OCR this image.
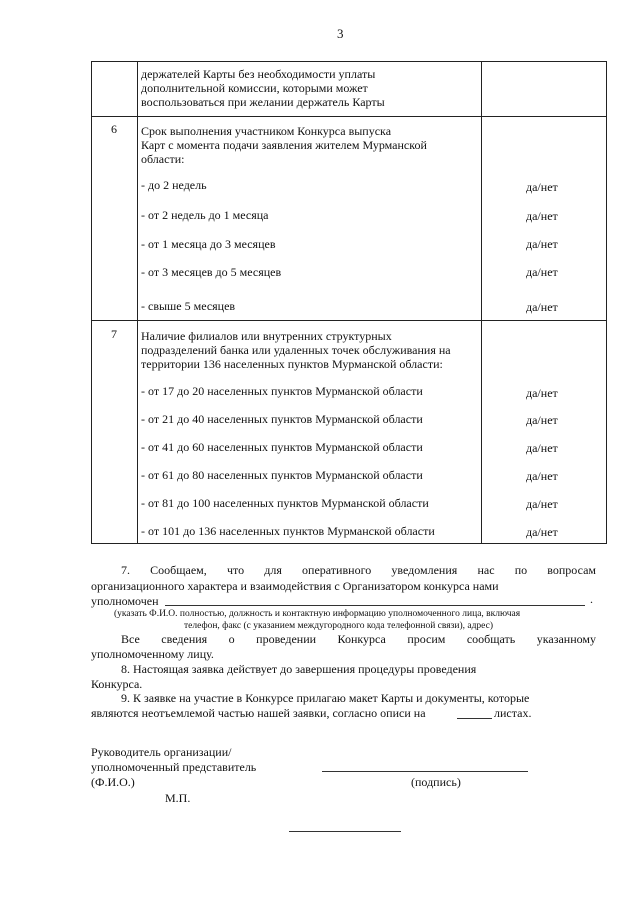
3
держателей Карты без необходимости уплаты
дополнительной комиссии, которыми может
воспользоваться при желании держатель Карты
6 Срок выполнения участником Конкурса выпуска
Карт с момента подачи заявления жителем Мурманской
области:
- до 2 недель	да/нет
- от 2 недель до 1 месяца	да/нет
- от 1 месяца до 3 месяцев	да/нет
- от 3 месяцев до 5 месяцев	да/нет
- свыше 5 месяцев	да/нет
7 Наличие филиалов или внутренних структурных
подразделений банка или удаленных точек обслуживания на
территории 136 населенных пунктов Мурманской области:
- от 17 до 20 населенных пунктов Мурманской области	да/нет
- от 21 до 40 населенных пунктов Мурманской области	да/нет
- от 41 до 60 населенных пунктов Мурманской области	да/нет
- от 61 до 80 населенных пунктов Мурманской области	да/нет
- от 81 до 100 населенных пунктов Мурманской области	да/нет
- от 101 до 136 населенных пунктов Мурманской области	да/нет
7. Сообщаем, что для оперативного уведомления нас по вопросам
организационного характера и взаимодействия с Организатором конкурса нами
уполномочен	.
(указать Ф.И.О. полностью, должность и контактную информацию уполномоченного лица, включая
телефон, факс (с указанием междугородного кода телефонной связи), адрес)
Все сведения о проведении Конкурса просим сообщать указанному
уполномоченному лицу.
8. Настоящая заявка действует до завершения процедуры проведения
Конкурса.
9. К заявке на участие в Конкурсе прилагаю макет Карты и документы, которые
являются неотъемлемой частью нашей заявки, согласно описи на	листах.
Руководитель организации/
уполномоченный представитель
(Ф.И.О.)	(подпись)
М.П.
